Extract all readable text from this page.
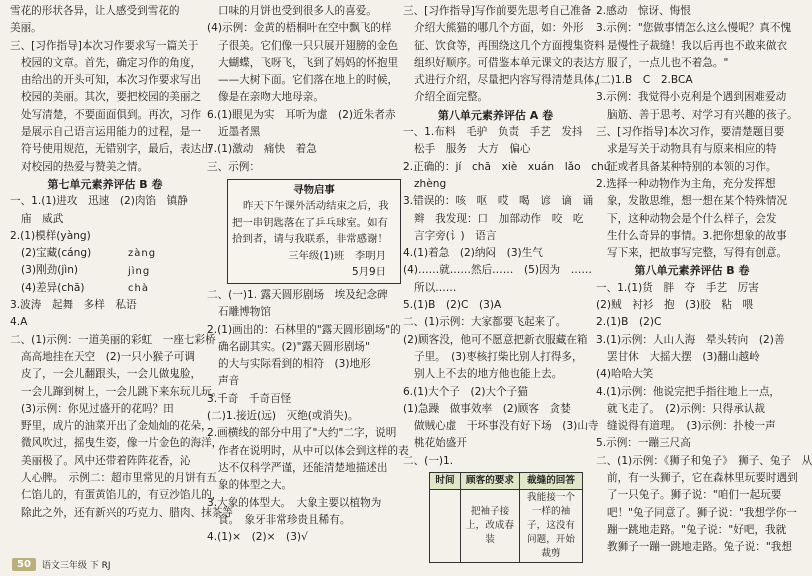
雪花的形状各异，让人感受到雪花的
美丽。
三、[习作指导]本次习作要求写一篇关于
校园的文章。首先，确定习作的角度，
由给出的开头可知，本次习作要求写出
校园的美丽。其次，要把校园的美丽之
处写清楚，不要面面俱到。再次，习作
是展示自己语言运用能力的过程，是一
符号使用规范，无错别字，最后，表达出
对校园的热爱与赞美之情。
第七单元素养评估 B 卷
一、1.(1)进攻　迅速　(2)肉馅　镇静
庙　威武
2.(1)模样(yàng)
(2)宝藏(cáng)	zàng
(3)刚劲(jìn)	jìng
(4)差异(chā)	chà
3.波涛　起舞　多样　私语
4.A
二、(1)示例：一道美丽的彩虹　一座七彩桥
高高地挂在天空　(2)一只小猴子可调
皮了，一会儿翻跟头，一会儿做鬼脸，
一会儿蹿到树上，一会儿跳下来东玩儿玩。
(3)示例：你见过盛开的花吗？田
野里，成片的油菜开出了金灿灿的花朵，
微风吹过，摇曳生姿，像一片金色的海洋，
美丽极了。风中还带着阵阵花香，沁
人心脾。　示例二：超市里常见的月饼有五
仁馅儿的，有蛋黄馅儿的，有豆沙馅儿的，
除此之外，还有新兴的巧克力、腊肉、抹茶等
口味的月饼也受到很多人的喜爱。
(4)示例：金黄的梧桐叶在空中飘飞的样
子很美。它们像一只只展开翅膀的金色
大蝴蝶，飞呀飞，飞到了妈妈的怀抱里
——大树下面。它们落在地上的时候，
像是在亲吻大地母亲。
6.(1)眼见为实　耳听为虚　(2)近朱者赤
近墨者黑
7.(1)激动　痛快　着急
三、示例：
寻物启事
昨天下午课外活动结束之后，我
把一串钥匙落在了乒乓球室。如有
拾到者，请与我联系，非常感谢！
三年级(1)班　李明月
5月9日
二、(一)1. 露天圆形剧场　埃及纪念碑
石雕博物馆
2.(1)画出的：石林里的"露天圆形剧场"的
确名副其实。(2)"露天圆形剧场"
的大与实际看到的相符　(3)地形
声音
3.千奇　千奇百怪
(二)1.接近(远)　灭绝(或消失)。
2.画横线的部分中用了"大约"二字，说明
作者在说明时，从中可以体会到这样的表
达不仅科学严谨，还能清楚地描述出
象的体型之大。
3.大象的体型大。　大象主要以植物为
食。　象牙非常珍贵且稀有。
4.(1)×　(2)×　(3)√
三、[习作指导]写作前要先思考自己准备
介绍大熊猫的哪几个方面，如：外形
征、饮食等，再围绕这几个方面搜集资料
组织好顺序。可借鉴本单元课文的表达方
式进行介绍，尽量把内容写得清楚具体，
介绍全面完整。
第八单元素养评估 A 卷
一、1.布料　毛驴　负责　手艺　发抖
松手　服务　大方　偏心
2.正确的：jí　chā　xiè　xuán　lǎo　chú
zhèng
3.错误的：咳　呕　哎　喝　谚　谪　诵
辫　我发现：口　加部动作　咬　吃
言字旁(讠)　语言
4.(1)着急　(2)纳闷　(3)生气
(4)……就……然后……　(5)因为　……
所以……
5.(1)B　(2)C　(3)A
二、(1)示例：大家都要飞起来了。
(2)顾客没，他可不愿意把新衣服藏在箱
子里。　(3)枣核打柴比别人打得多，
别人上不去的地方他也能上去。
6.(1)大个子　(2)大个子猫
(1)急躁　做事效率　(2)顾客　贪婪
做贼心虚　干坏事没有好下场　(3)山寺
桃花始盛开
二、(一)1.
时间	顾客的要求	裁缝的回答
	把袖子接上，改成春装	我能接一个一样的袖子，这没有问题，开始裁剪
2.感动　惊讶、悔恨
3.示例："您做事情怎么这么慢呢？真不愧
是慢性子裁缝！我以后再也不敢来做衣
服了，一点儿也不着急。"
(二)1.B　C　2.BCA
3.示例：我觉得小克利是个遇到困难爱动
脑筋、善于思考、对学习有兴趣的孩子。
三、[习作指导]本次习作，要清楚题目要
求是写关于动物具有与原来相应的特
征或者具备某种特别的本领的习作。
2.选择一种动物作为主角，充分发挥想
象，发散思维，想一想在某个特殊情况
下，这种动物会是个什么样子，会发
生什么奇异的事情。3.把你想象的故事
写下来，把故事写完整，写得有创意。
第八单元素养评估 B 卷
一、1.(1)货　胖　夺　手艺　厉害
(2)贼　衬衫　抱　(3)胶　粘　喂
2.(1)B　(2)C
3.(1)示例：人山人海　晕头转向　(2)善
罢甘休　大摇大摆　(3)翻山越岭
(4)哈哈大笑
4.(1)示例：他说完把手指往地上一点，
就飞走了。　(2)示例：只得承认裁
缝说得有道理。　(3)示例：扑棱一声
5.示例：一蹦三尺高
二、(1)示例：《狮子和兔子》　狮子、兔子　从
前，有一头狮子，它在森林里玩要时遇到
了一只兔子。狮子说："咱们一起玩要
吧！"兔子同意了。狮子说："我想学你一
蹦一跳地走路。"兔子说："好吧，我就
教狮子一蹦一跳地走路。兔子说："我想
50	语文三年级 下 RJ
